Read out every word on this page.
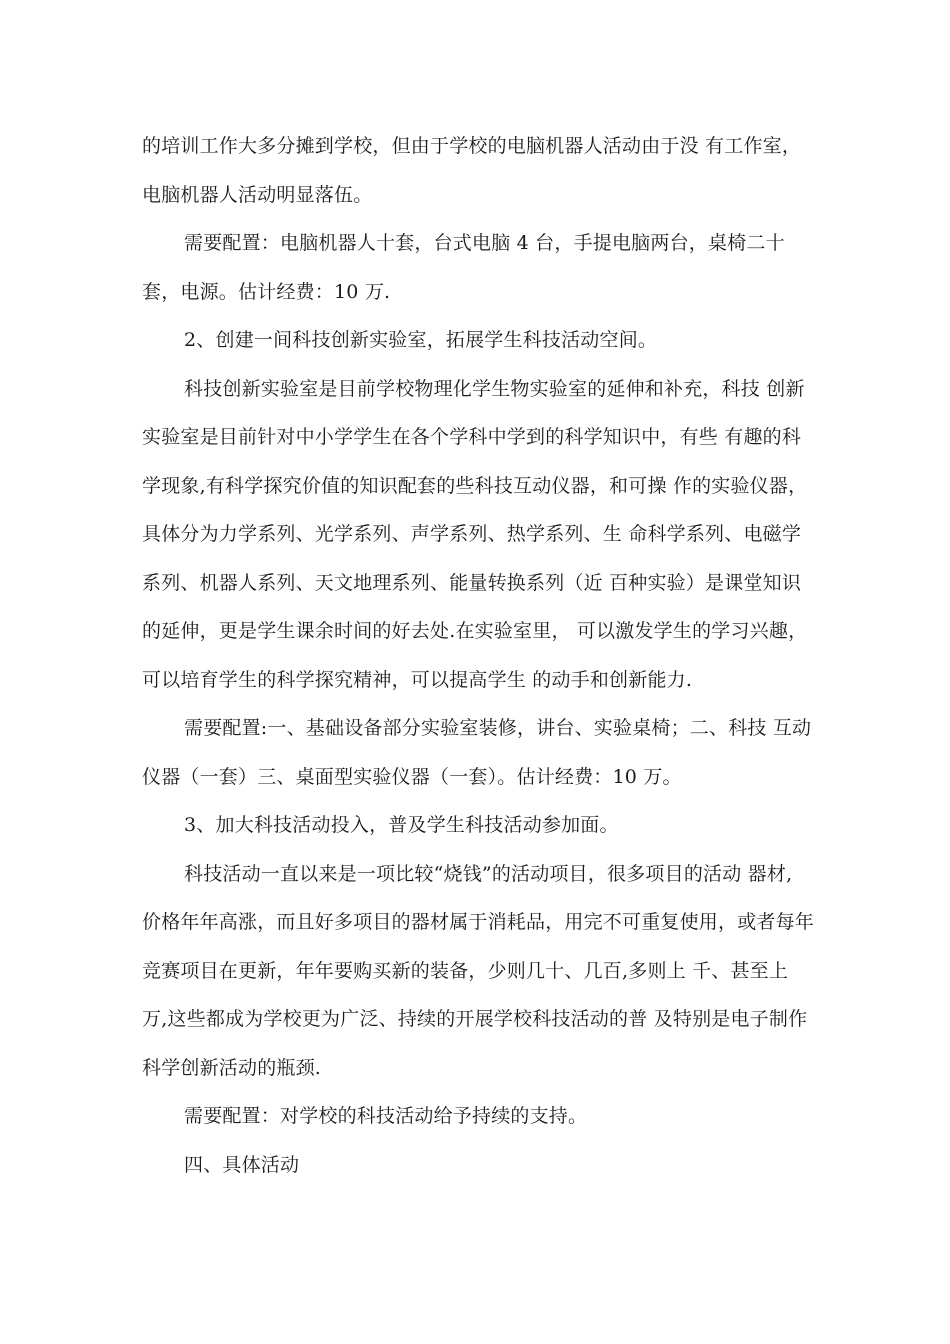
的培训工作大多分摊到学校，但由于学校的电脑机器人活动由于没 有工作室，
电脑机器人活动明显落伍。
需要配置：电脑机器人十套，台式电脑 4 台，手提电脑两台，桌椅二十
套，电源。估计经费：10 万.
2、创建一间科技创新实验室，拓展学生科技活动空间。
科技创新实验室是目前学校物理化学生物实验室的延伸和补充，科技 创新
实验室是目前针对中小学学生在各个学科中学到的科学知识中，有些 有趣的科
学现象,有科学探究价值的知识配套的些科技互动仪器，和可操 作的实验仪器，
具体分为力学系列、光学系列、声学系列、热学系列、生 命科学系列、电磁学
系列、机器人系列、天文地理系列、能量转换系列（近 百种实验）是课堂知识
的延伸，更是学生课余时间的好去处.在实验室里， 可以激发学生的学习兴趣，
可以培育学生的科学探究精神，可以提高学生 的动手和创新能力.
需要配置:一、基础设备部分实验室装修，讲台、实验桌椅；二、科技 互动
仪器（一套）三、桌面型实验仪器（一套）。估计经费：10 万。
3、加大科技活动投入，普及学生科技活动参加面。
科技活动一直以来是一项比较“烧钱”的活动项目，很多项目的活动 器材,
价格年年高涨，而且好多项目的器材属于消耗品，用完不可重复使用，或者每年
竞赛项目在更新，年年要购买新的装备，少则几十、几百,多则上 千、甚至上
万,这些都成为学校更为广泛、持续的开展学校科技活动的普 及特别是电子制作
科学创新活动的瓶颈.
需要配置：对学校的科技活动给予持续的支持。
四、具体活动
